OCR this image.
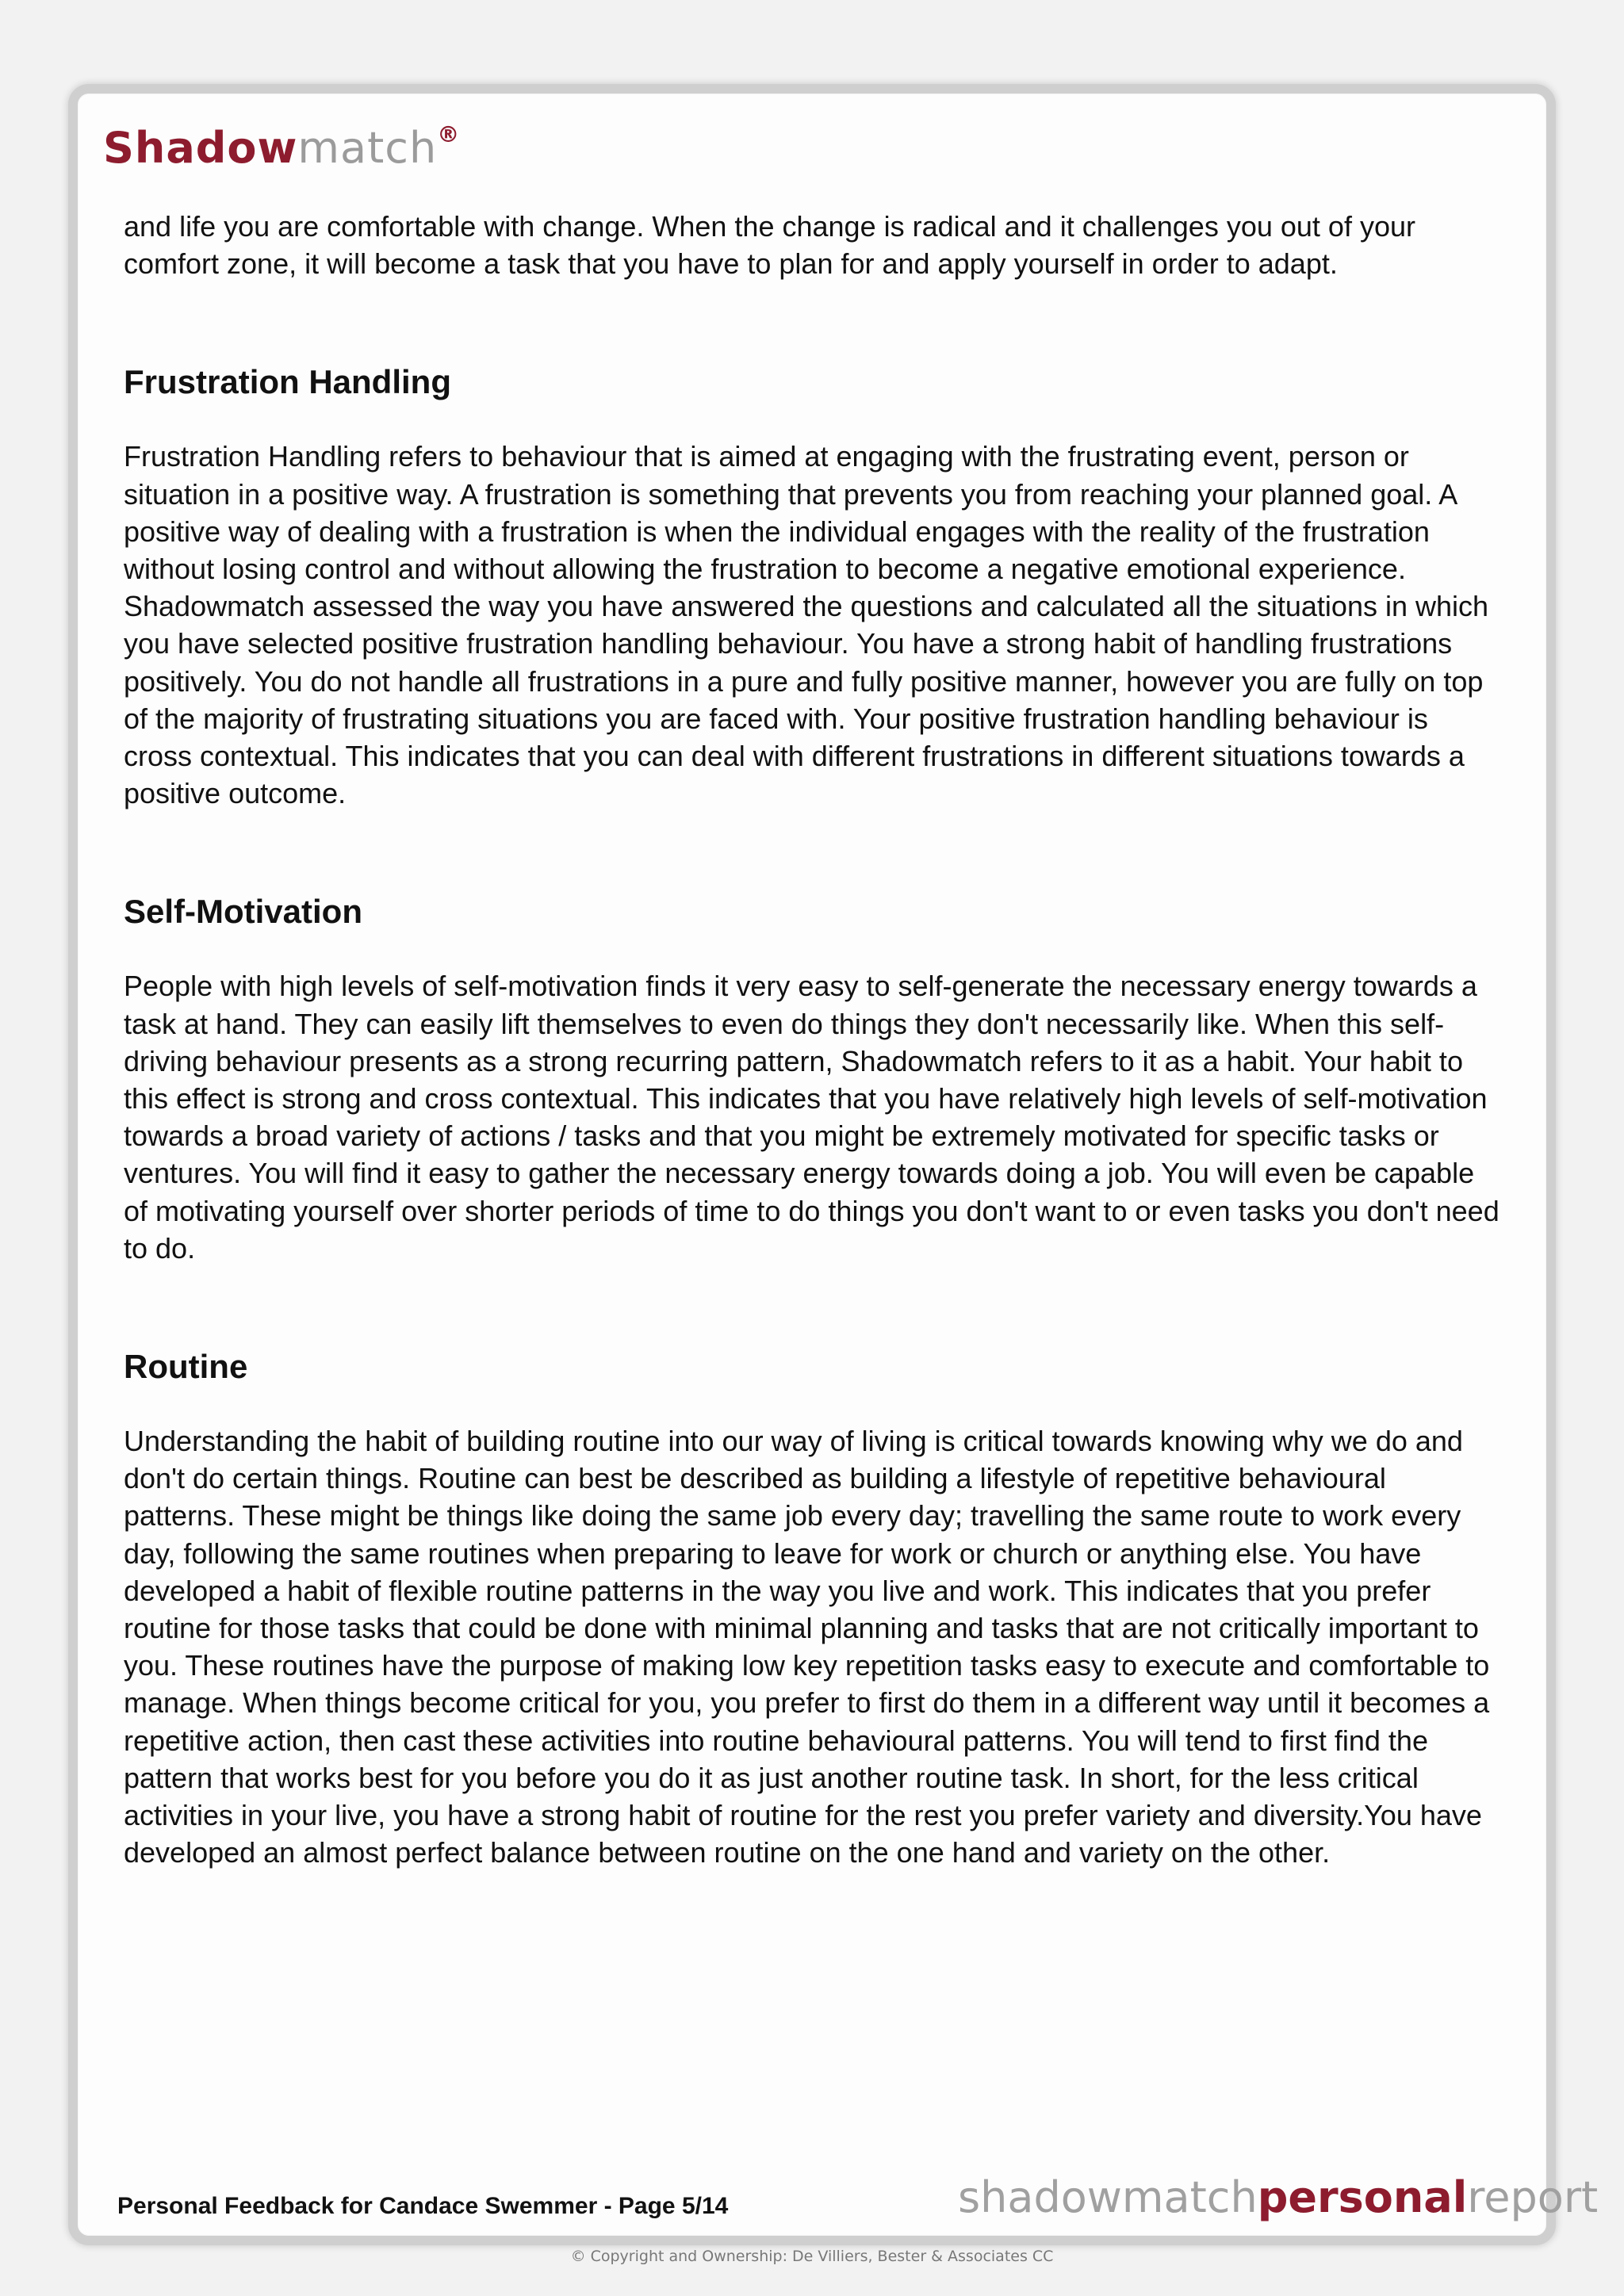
Shadowmatch®

and life you are comfortable with change. When the change is radical and it challenges you out of your comfort zone, it will become a task that you have to plan for and apply yourself in order to adapt.

Frustration Handling

Frustration Handling refers to behaviour that is aimed at engaging with the frustrating event, person or situation in a positive way. A frustration is something that prevents you from reaching your planned goal. A positive way of dealing with a frustration is when the individual engages with the reality of the frustration without losing control and without allowing the frustration to become a negative emotional experience. Shadowmatch assessed the way you have answered the questions and calculated all the situations in which you have selected positive frustration handling behaviour. You have a strong habit of handling frustrations positively. You do not handle all frustrations in a pure and fully positive manner, however you are fully on top of the majority of frustrating situations you are faced with. Your positive frustration handling behaviour is cross contextual. This indicates that you can deal with different frustrations in different situations towards a positive outcome.

Self-Motivation

People with high levels of self-motivation finds it very easy to self-generate the necessary energy towards a task at hand. They can easily lift themselves to even do things they don't necessarily like. When this self-driving behaviour presents as a strong recurring pattern, Shadowmatch refers to it as a habit. Your habit to this effect is strong and cross contextual. This indicates that you have relatively high levels of self-motivation towards a broad variety of actions / tasks and that you might be extremely motivated for specific tasks or ventures. You will find it easy to gather the necessary energy towards doing a job. You will even be capable of motivating yourself over shorter periods of time to do things you don't want to or even tasks you don't need to do.

Routine

Understanding the habit of building routine into our way of living is critical towards knowing why we do and don't do certain things. Routine can best be described as building a lifestyle of repetitive behavioural patterns. These might be things like doing the same job every day; travelling the same route to work every day, following the same routines when preparing to leave for work or church or anything else. You have developed a habit of flexible routine patterns in the way you live and work. This indicates that you prefer routine for those tasks that could be done with minimal planning and tasks that are not critically important to you. These routines have the purpose of making low key repetition tasks easy to execute and comfortable to manage. When things become critical for you, you prefer to first do them in a different way until it becomes a repetitive action, then cast these activities into routine behavioural patterns. You will tend to first find the pattern that works best for you before you do it as just another routine task. In short, for the less critical activities in your live, you have a strong habit of routine for the rest you prefer variety and diversity.You have developed an almost perfect balance between routine on the one hand and variety on the other.

Personal Feedback for Candace Swemmer - Page 5/14	shadowmatchpersonalreport
© Copyright and Ownership: De Villiers, Bester & Associates CC
